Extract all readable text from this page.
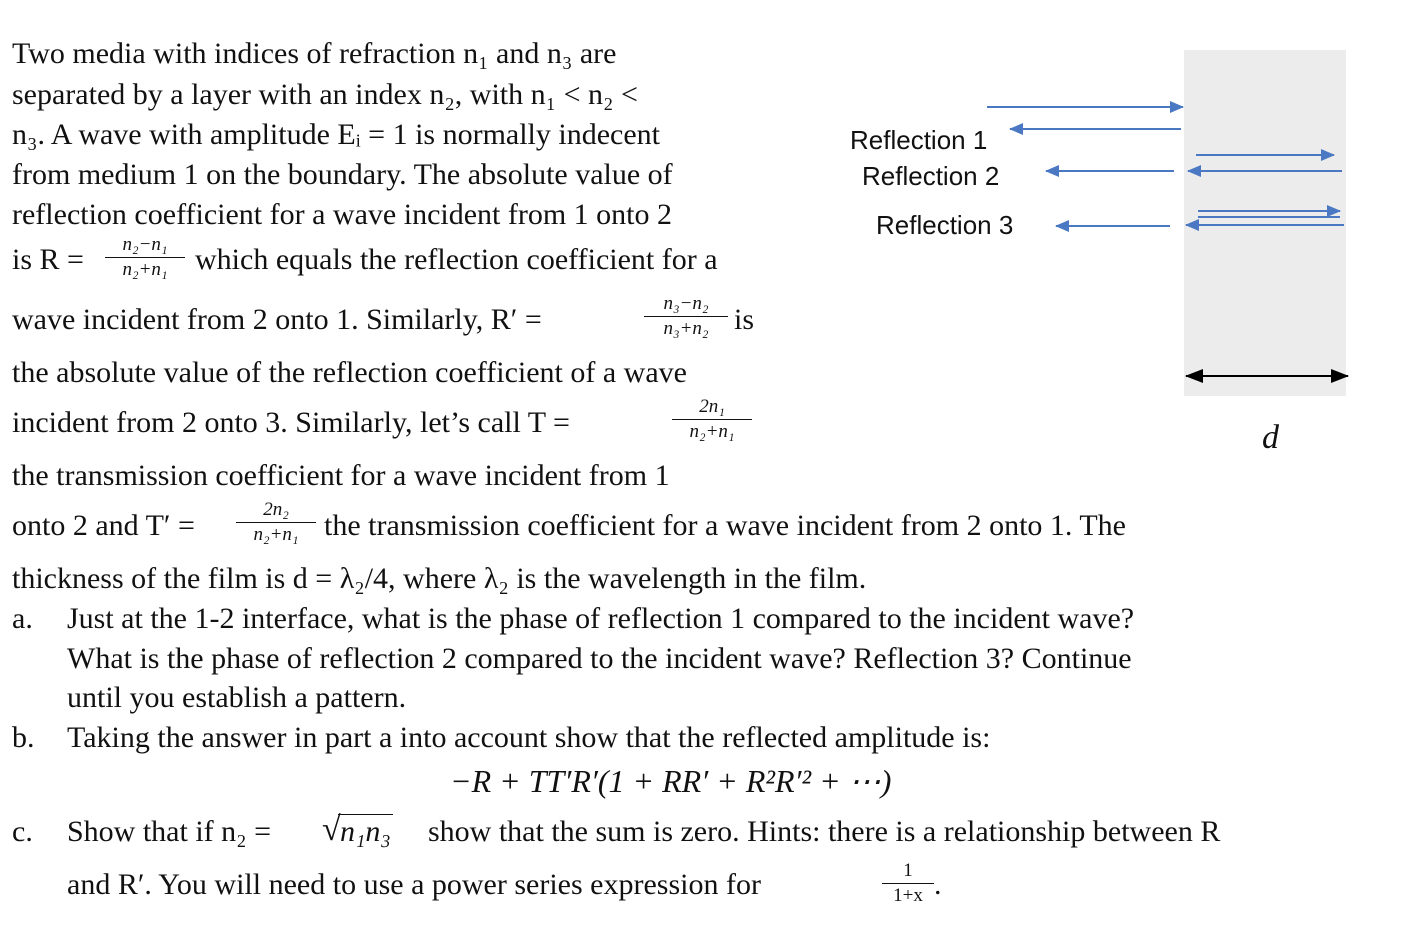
Two media with indices of refraction n₁ and n₃ are
separated by a layer with an index n₂, with n₁ < n₂ <
n₃. A wave with amplitude Eᵢ = 1 is normally indecent
from medium 1 on the boundary. The absolute value of
reflection coefficient for a wave incident from 1 onto 2
is R =	n₂−n₁
n₂+n₁ which equals the reflection coefficient for a
wave incident from 2 onto 1. Similarly, R′ =	n₃−n₂
n₃+n₂ is
the absolute value of the reflection coefficient of a wave
incident from 2 onto 3. Similarly, let’s call T =	2n₁
n₂+n₁
the transmission coefficient for a wave incident from 1
onto 2 and T′ =	2n₂
n₂+n₁ the transmission coefficient for a wave incident from 2 onto 1. The
thickness of the film is d = λ₂/4, where λ₂ is the wavelength in the film.
a. Just at the 1-2 interface, what is the phase of reflection 1 compared to the incident wave?
What is the phase of reflection 2 compared to the incident wave? Reflection 3? Continue
until you establish a pattern.
b. Taking the answer in part a into account show that the reflected amplitude is:
−R + TT′R′(1 + RR′ + R²R′² + ⋯)
c. Show that if n₂ = n₁n₃
√	show that the sum is zero. Hints: there is a relationship between R
and R′. You will need to use a power series expression for	1
1+x .
Reflection 1
Reflection 2
Reflection 3
d
